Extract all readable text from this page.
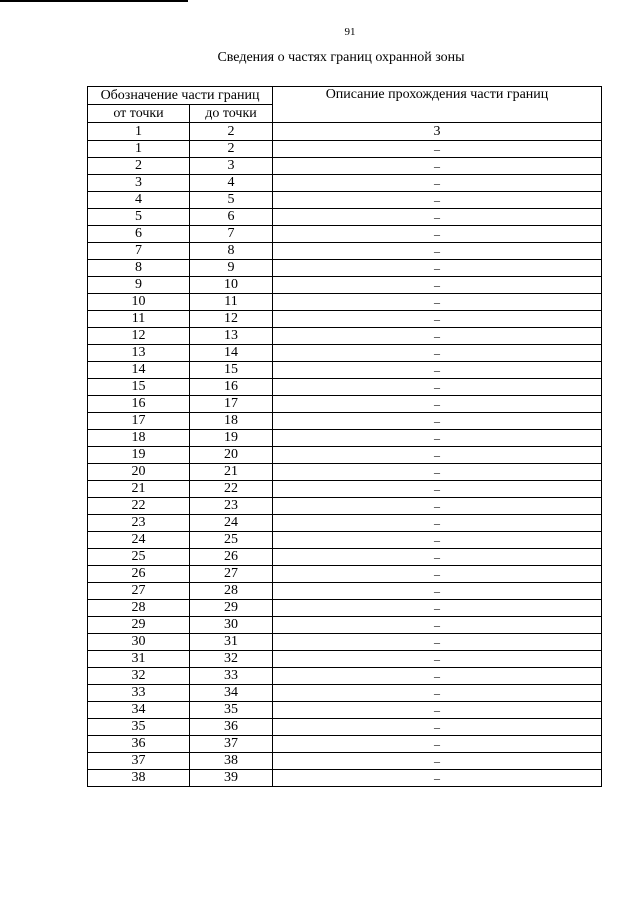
91
Сведения о частях границ охранной зоны
Обозначение части границ		Описание прохождения части границ
от точки	до точки	
1	2	3
1	2	–
2	3	–
3	4	–
4	5	–
5	6	–
6	7	–
7	8	–
8	9	–
9	10	–
10	11	–
11	12	–
12	13	–
13	14	–
14	15	–
15	16	–
16	17	–
17	18	–
18	19	–
19	20	–
20	21	–
21	22	–
22	23	–
23	24	–
24	25	–
25	26	–
26	27	–
27	28	–
28	29	–
29	30	–
30	31	–
31	32	–
32	33	–
33	34	–
34	35	–
35	36	–
36	37	–
37	38	–
38	39	–
